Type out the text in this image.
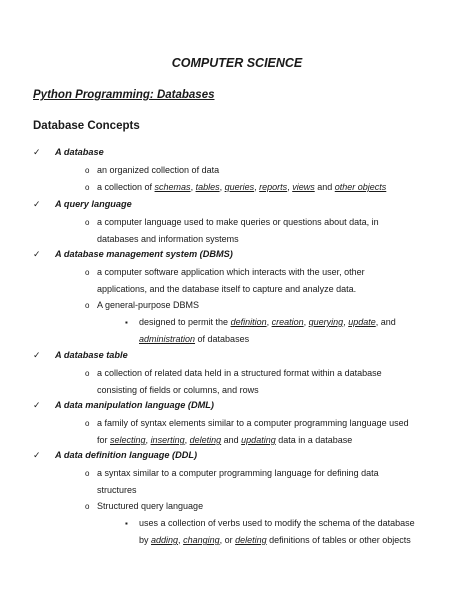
COMPUTER SCIENCE
Python Programming: Databases
Database Concepts
✓ A database
o an organized collection of data
o a collection of schemas, tables, queries, reports, views and other objects
✓ A query language
o a computer language used to make queries or questions about data, in databases and information systems
✓ A database management system (DBMS)
o a computer software application which interacts with the user, other applications, and the database itself to capture and analyze data.
o A general-purpose DBMS
▪ designed to permit the definition, creation, querying, update, and administration of databases
✓ A database table
o a collection of related data held in a structured format within a database consisting of fields or columns, and rows
✓ A data manipulation language (DML)
o a family of syntax elements similar to a computer programming language used for selecting, inserting, deleting and updating data in a database
✓ A data definition language (DDL)
o a syntax similar to a computer programming language for defining data structures
o Structured query language
▪ uses a collection of verbs used to modify the schema of the database by adding, changing, or deleting definitions of tables or other objects
